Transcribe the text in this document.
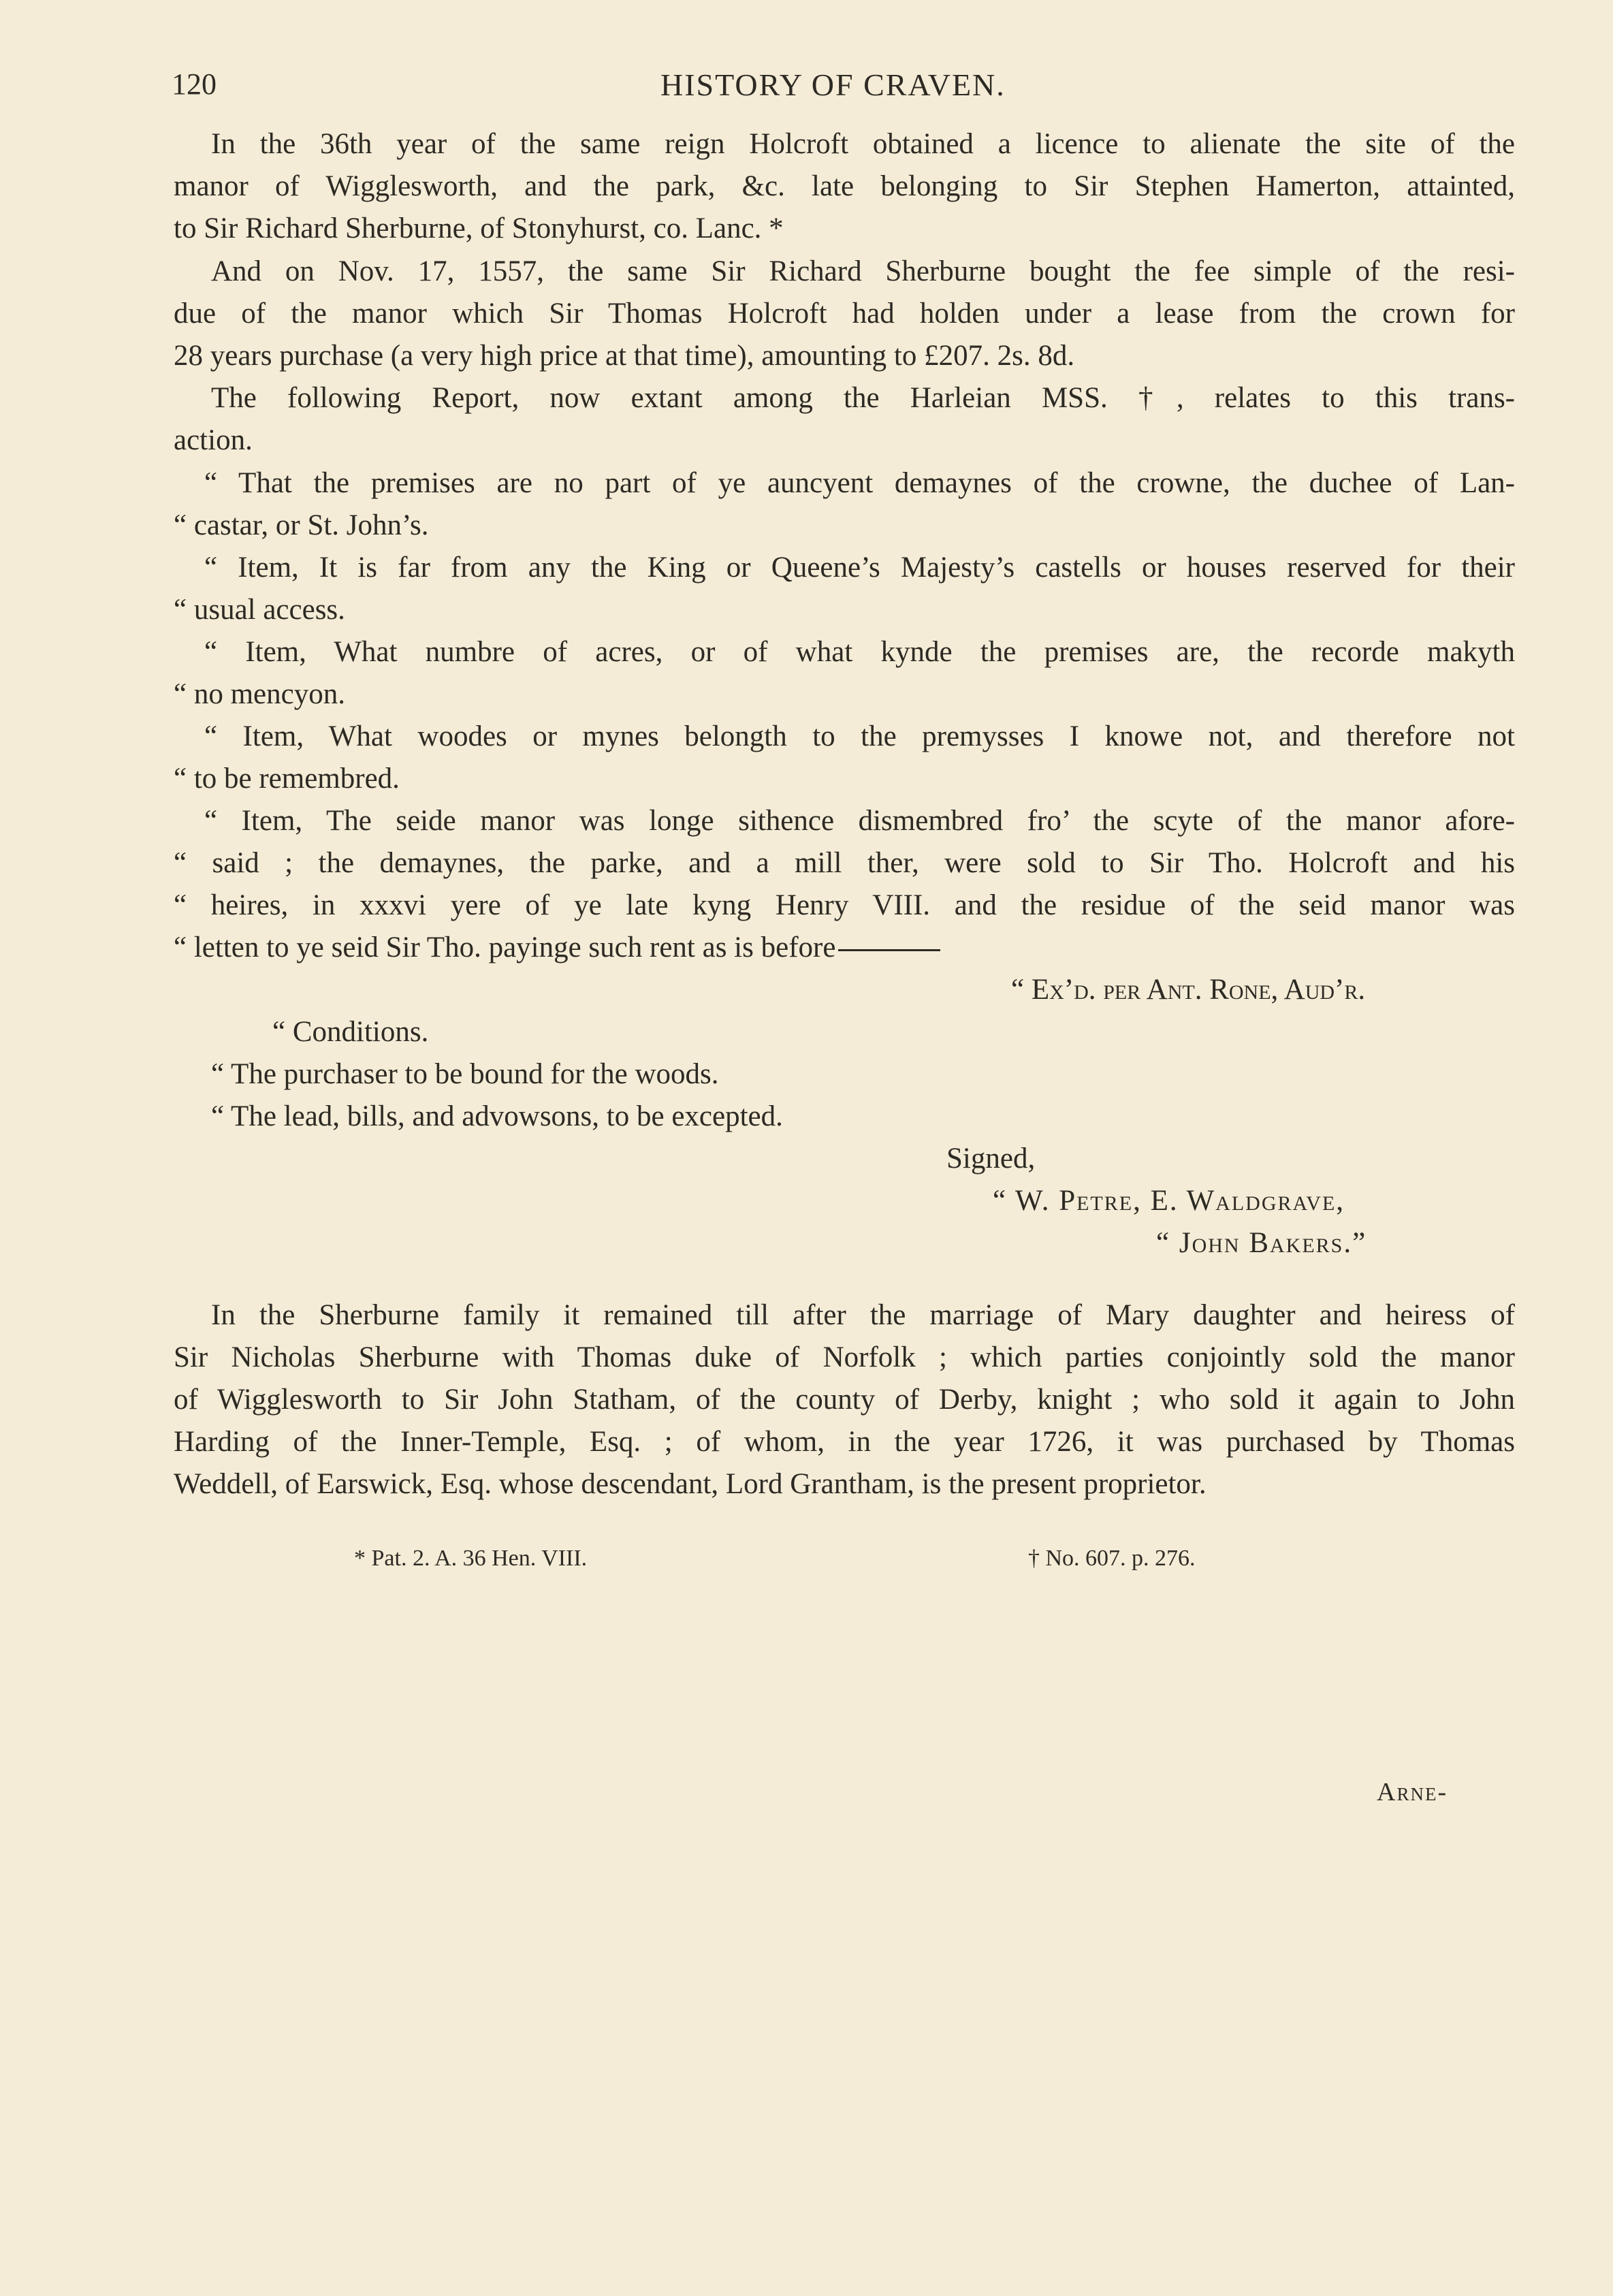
120	HISTORY OF CRAVEN.
In the 36th year of the same reign Holcroft obtained a licence to alienate the site of the
manor of Wigglesworth, and the park, &c. late belonging to Sir Stephen Hamerton, attainted,
to Sir Richard Sherburne, of Stonyhurst, co. Lanc. *
And on Nov. 17, 1557, the same Sir Richard Sherburne bought the fee simple of the resi-
due of the manor which Sir Thomas Holcroft had holden under a lease from the crown for
28 years purchase (a very high price at that time), amounting to £207. 2s. 8d.
The following Report, now extant among the Harleian MSS. †, relates to this trans-
action.
“ That the premises are no part of ye auncyent demaynes of the crowne, the duchee of Lan-
“ castar, or St. John’s.
“ Item, It is far from any the King or Queene’s Majesty’s castells or houses reserved for their
“ usual access.
“ Item, What numbre of acres, or of what kynde the premises are, the recorde makyth
“ no mencyon.
“ Item, What woodes or mynes belongth to the premysses I knowe not, and therefore not
“ to be remembred.
“ Item, The seide manor was longe sithence dismembred fro’ the scyte of the manor afore-
“ said ; the demaynes, the parke, and a mill ther, were sold to Sir Tho. Holcroft and his
“ heires, in xxxvi yere of ye late kyng Henry VIII. and the residue of the seid manor was
“ letten to ye seid Sir Tho. payinge such rent as is before
“ Ex’d. per Ant. Rone, Aud’r.
“ Conditions.
“ The purchaser to be bound for the woods.
“ The lead, bills, and advowsons, to be excepted.
Signed,
“ W. Petre, E. Waldgrave,
“ John Bakers.”
In the Sherburne family it remained till after the marriage of Mary daughter and heiress of
Sir Nicholas Sherburne with Thomas duke of Norfolk ; which parties conjointly sold the manor
of Wigglesworth to Sir John Statham, of the county of Derby, knight ; who sold it again to John
Harding of the Inner-Temple, Esq. ; of whom, in the year 1726, it was purchased by Thomas
Weddell, of Earswick, Esq. whose descendant, Lord Grantham, is the present proprietor.
* Pat. 2. A. 36 Hen. VIII.	† No. 607. p. 276.
Arne-
